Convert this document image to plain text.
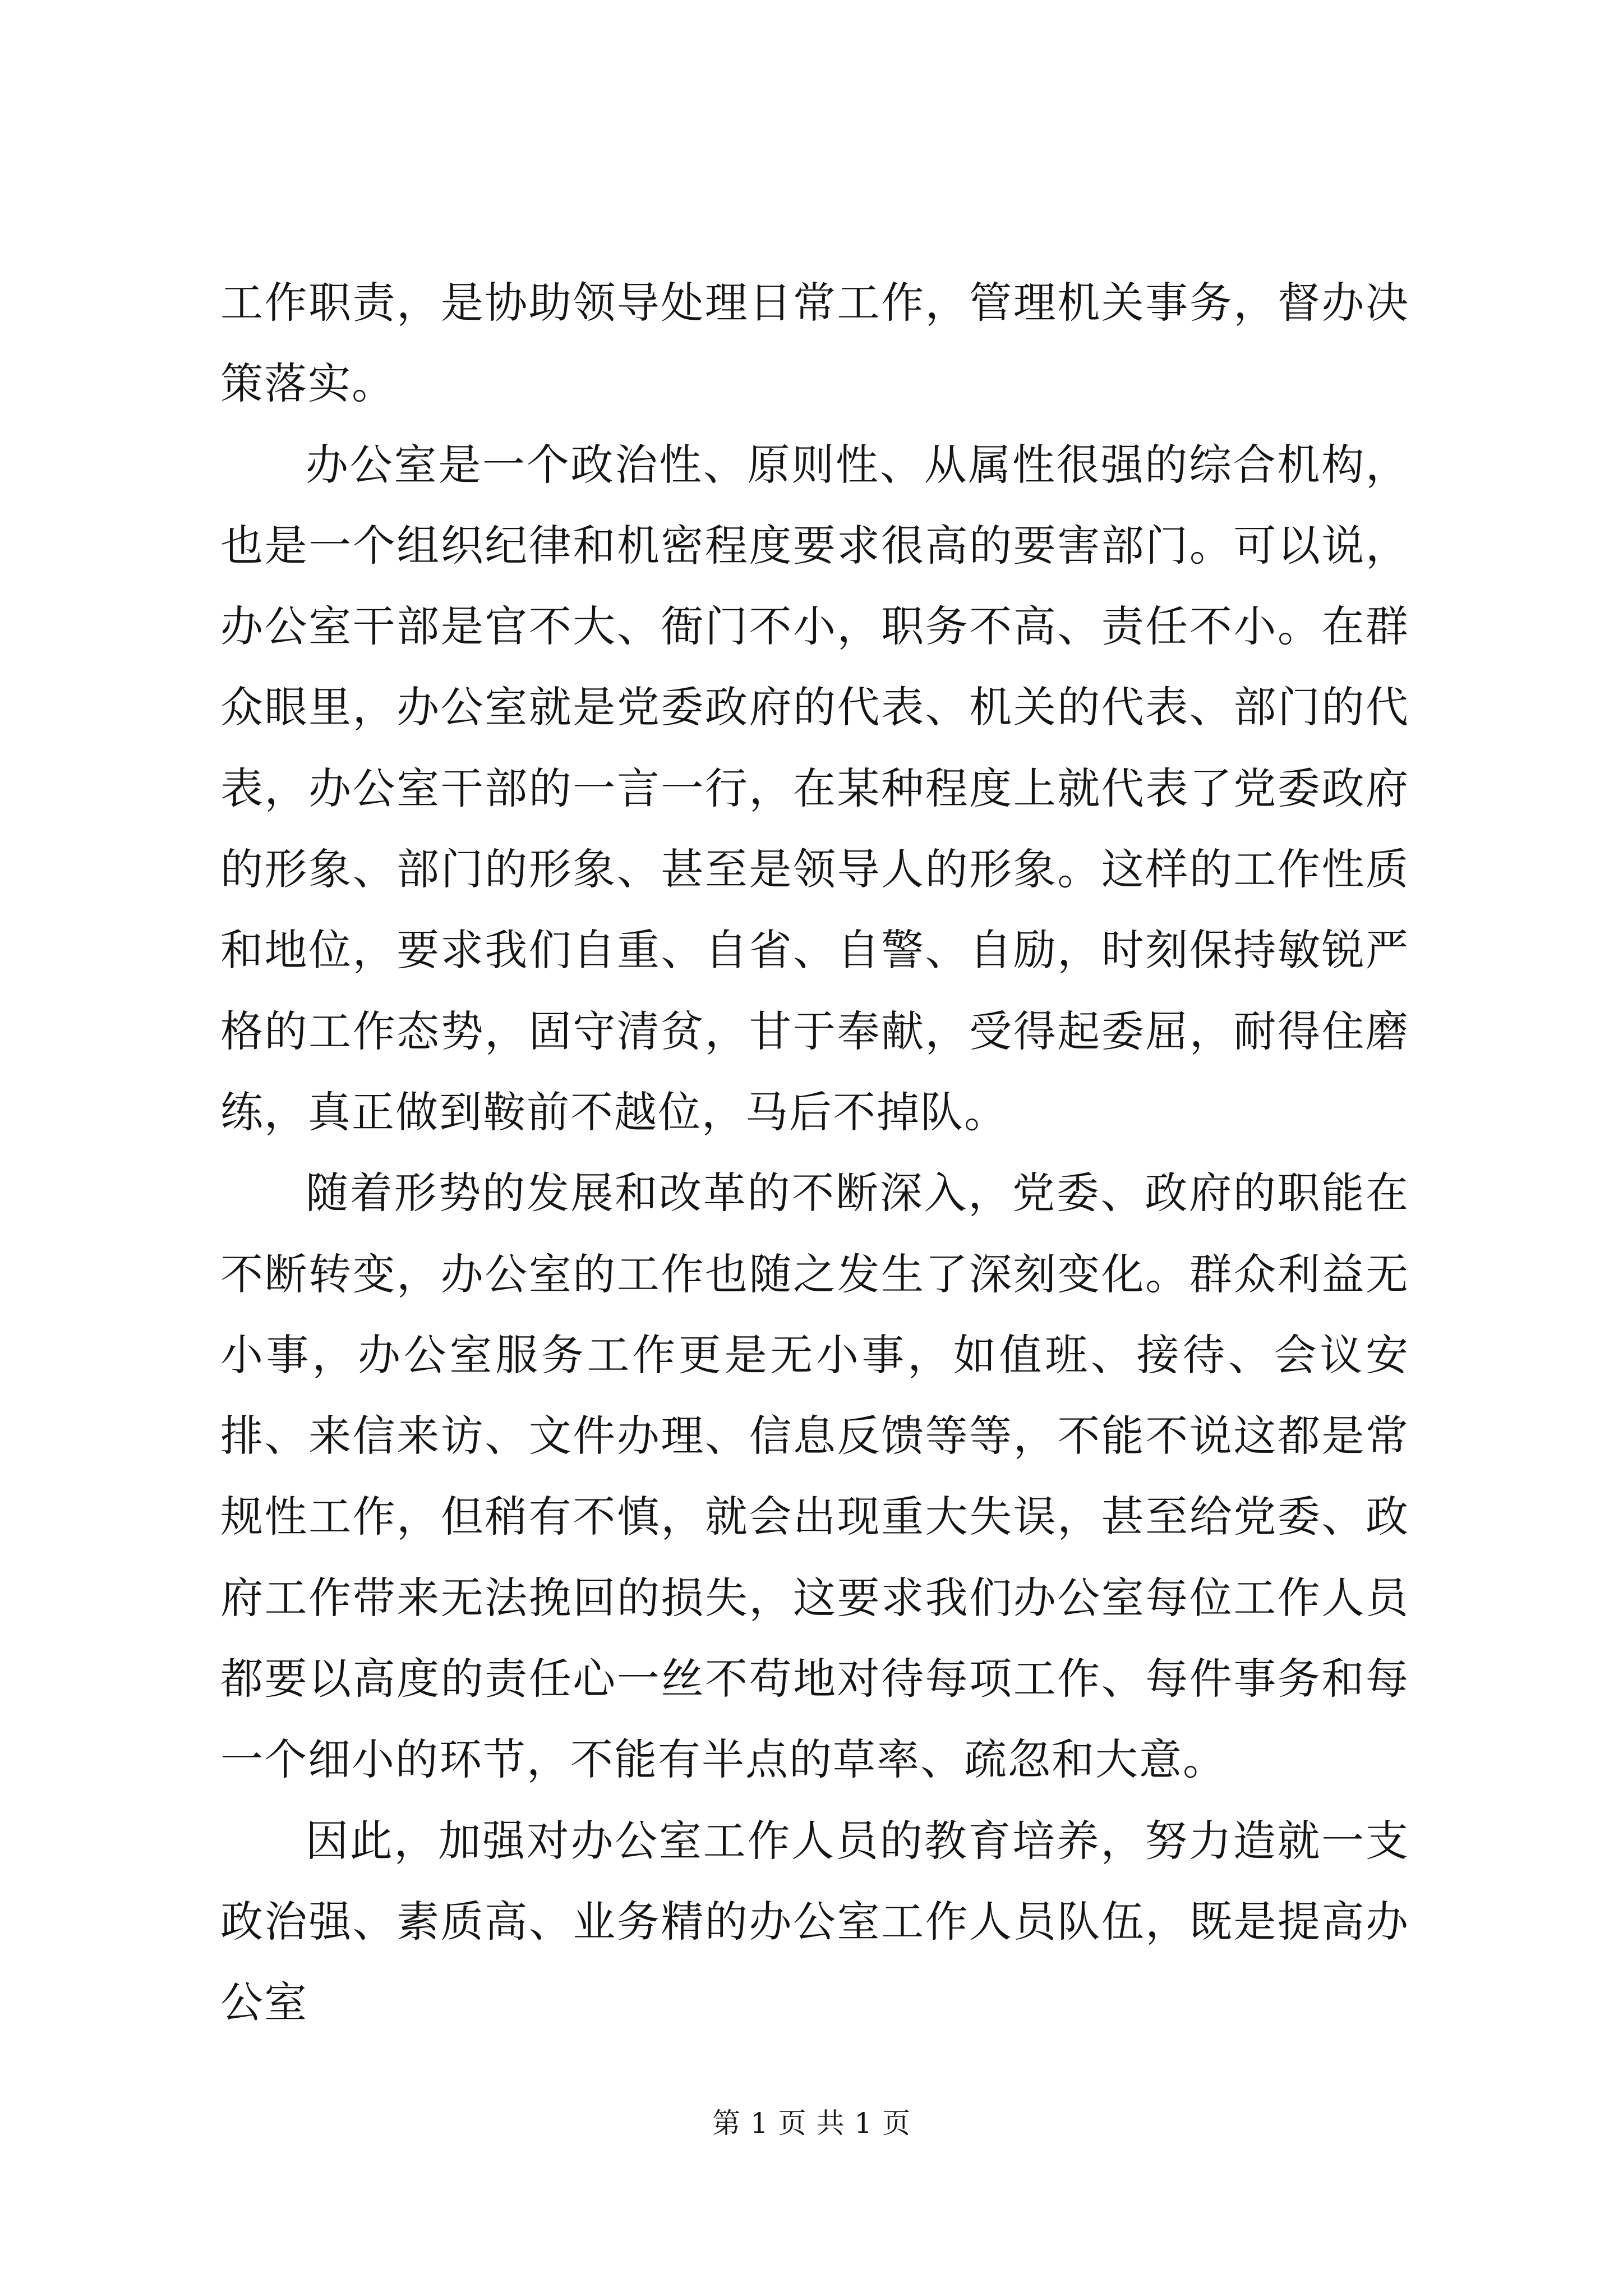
工作职责，是协助领导处理日常工作，管理机关事务，督办决策落实。

办公室是一个政治性、原则性、从属性很强的综合机构，也是一个组织纪律和机密程度要求很高的要害部门。可以说，办公室干部是官不大、衙门不小，职务不高、责任不小。在群众眼里，办公室就是党委政府的代表、机关的代表、部门的代表，办公室干部的一言一行，在某种程度上就代表了党委政府的形象、部门的形象、甚至是领导人的形象。这样的工作性质和地位，要求我们自重、自省、自警、自励，时刻保持敏锐严格的工作态势，固守清贫，甘于奉献，受得起委屈，耐得住磨练，真正做到鞍前不越位，马后不掉队。

随着形势的发展和改革的不断深入，党委、政府的职能在不断转变，办公室的工作也随之发生了深刻变化。群众利益无小事，办公室服务工作更是无小事，如值班、接待、会议安排、来信来访、文件办理、信息反馈等等，不能不说这都是常规性工作，但稍有不慎，就会出现重大失误，甚至给党委、政府工作带来无法挽回的损失，这要求我们办公室每位工作人员都要以高度的责任心一丝不苟地对待每项工作、每件事务和每一个细小的环节，不能有半点的草率、疏忽和大意。

因此，加强对办公室工作人员的教育培养，努力造就一支政治强、素质高、业务精的办公室工作人员队伍，既是提高办公室

第 1 页 共 1 页
